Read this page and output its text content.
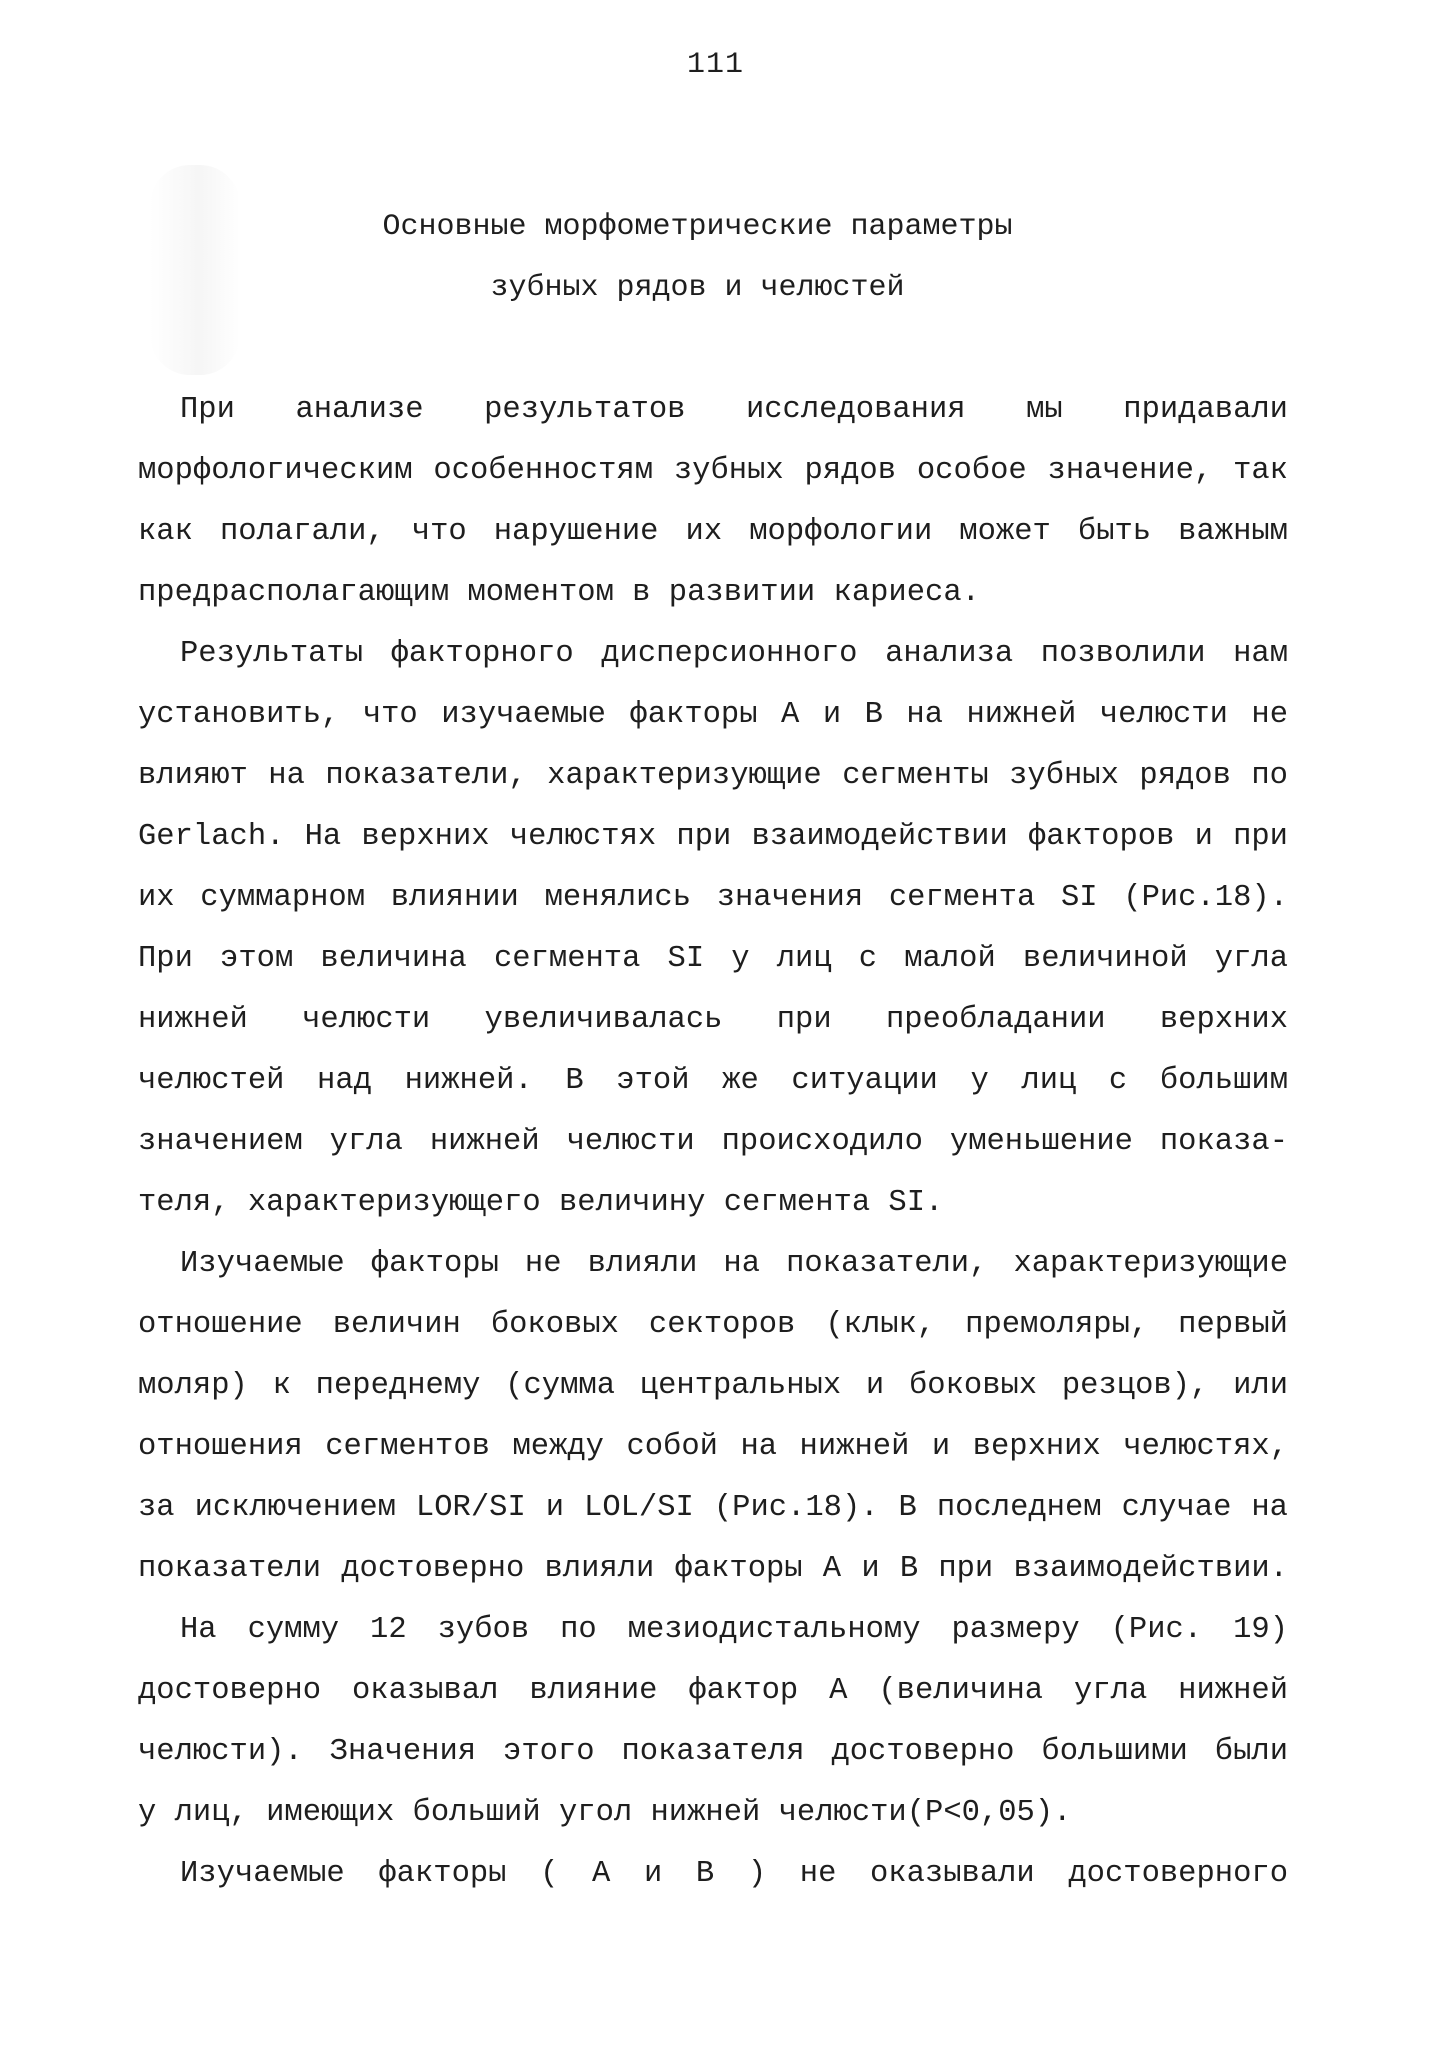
111
Основные морфометрические параметры
зубных рядов и челюстей
При анализе результатов исследования мы придавали
морфологическим особенностям зубных рядов особое значение, так
как полагали, что нарушение их морфологии может быть важным
предрасполагающим моментом в развитии кариеса.
Результаты факторного дисперсионного анализа позволили нам
установить, что изучаемые факторы А и В на нижней челюсти не
влияют на показатели, характеризующие сегменты зубных рядов по
Gerlach. На верхних челюстях при взаимодействии факторов и при
их суммарном влиянии менялись значения сегмента SI (Рис.18).
При этом величина сегмента SI у лиц с малой величиной угла
нижней челюсти увеличивалась при преобладании верхних
челюстей над нижней. В этой же ситуации у лиц с большим
значением угла нижней челюсти происходило уменьшение показа-
теля, характеризующего величину сегмента SI.
Изучаемые факторы не влияли на показатели, характеризующие
отношение величин боковых секторов (клык, премоляры, первый
моляр) к переднему (сумма центральных и боковых резцов), или
отношения сегментов между собой на нижней и верхних челюстях,
за исключением LOR/SI и LOL/SI (Рис.18). В последнем случае на
показатели достоверно влияли факторы А и В при взаимодействии.
На сумму 12 зубов по мезиодистальному размеру (Рис. 19)
достоверно оказывал влияние фактор А (величина угла нижней
челюсти). Значения этого показателя достоверно большими были
у лиц, имеющих больший угол нижней челюсти(P<0,05).
Изучаемые факторы ( А и В ) не оказывали достоверного
